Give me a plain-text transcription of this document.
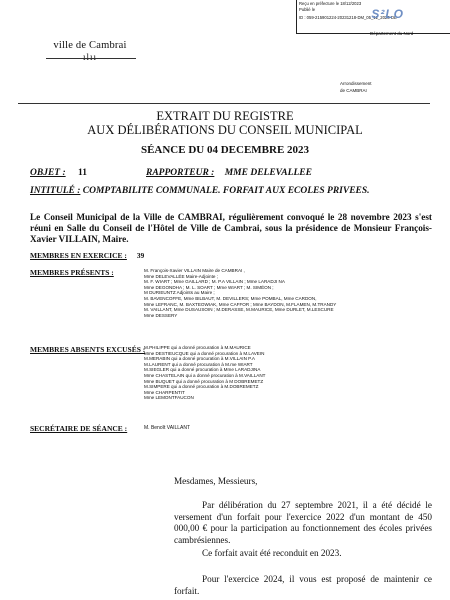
Reçu en préfecture le 18/12/2023
Publié le
ID : 059-215901224-20231218-DM_05_12_2023-DE
S²LO
Département du Nord
ville de Cambrai
ılıı
Arrondissement
de CAMBRAI
EXTRAIT DU REGISTRE
AUX DÉLIBÉRATIONS DU CONSEIL MUNICIPAL
SÉANCE DU 04 DECEMBRE 2023
OBJET : 11	RAPPORTEUR : MME DELEVALLEE
INTITULÉ : COMPTABILITE COMMUNALE. FORFAIT AUX ECOLES PRIVEES.
Le Conseil Municipal de la Ville de CAMBRAI, régulièrement convoqué le 28 novembre 2023 s'est réuni en Salle du Conseil de l'Hôtel de Ville de Cambrai, sous la présidence de Monsieur François-Xavier VILLAIN, Maire.
MEMBRES EN EXERCICE : 39
MEMBRES PRÉSENTS :	M. François-Xavier VILLAIN Maire de CAMBRAI ,
Mme DELEVALLÉE Maire-Adjointe ;
M. F. WIART ; Mme GAILLARD ; M. P.A VILLAIN ; Mme LARADJI NA
Mme DEGONDHA ; M. L. SOART ; Mme WIART ; M. SIMÉON ;
M DURIEUNTZ Adjoints au Maire ;
M. BAVENCOFFE, Mme BILBAUT, M. DEVILLERS; Mme POMBAL, Mme CARDON,
Mme LEFRANC, M. BAXTEOWIAK, Mme CAFFOR ; Mme BAYDON, M.FLAMEN, M.TRANDY
M. VAILLANT, Mme DUSAUSOIN ; M.DERASSE, M.MAURICE, Mme DURLET, M.LESCURE
Mme DESSERY
MEMBRES ABSENTS EXCUSÉS :
M.PHILIPPE qui a donné procuration à M.MAURICE
Mme DESTIEUCQUE qui a donné procuration à M.LAVEIN
M.MERABIN qui a donné procuration à M.VILLAIN P.A
M.LAURENT qui a donné procuration à M.me WIART
M.SIEGLER qui a donné procuration à Mme LARADJINA
Mme CHASTELAIN qui a donné procuration à M.VAILLANT
Mme BUQUET qui a donné procuration à M DOBREMETZ
M.SIMPERE qui a donné procuration à M.DOBREMETZ
Mme CHARPENTIT
Mme LEMONTFAUCON
SECRÉTAIRE DE SÉANCE :	M. Benoît VAILLANT
Mesdames, Messieurs,
Par délibération du 27 septembre 2021, il a été décidé le versement d'un forfait pour l'exercice 2022 d'un montant de 450 000,00 € pour la participation au fonctionnement des écoles privées cambrésiennes.
Ce forfait avait été reconduit en 2023.
Pour l'exercice 2024, il vous est proposé de maintenir ce forfait.
